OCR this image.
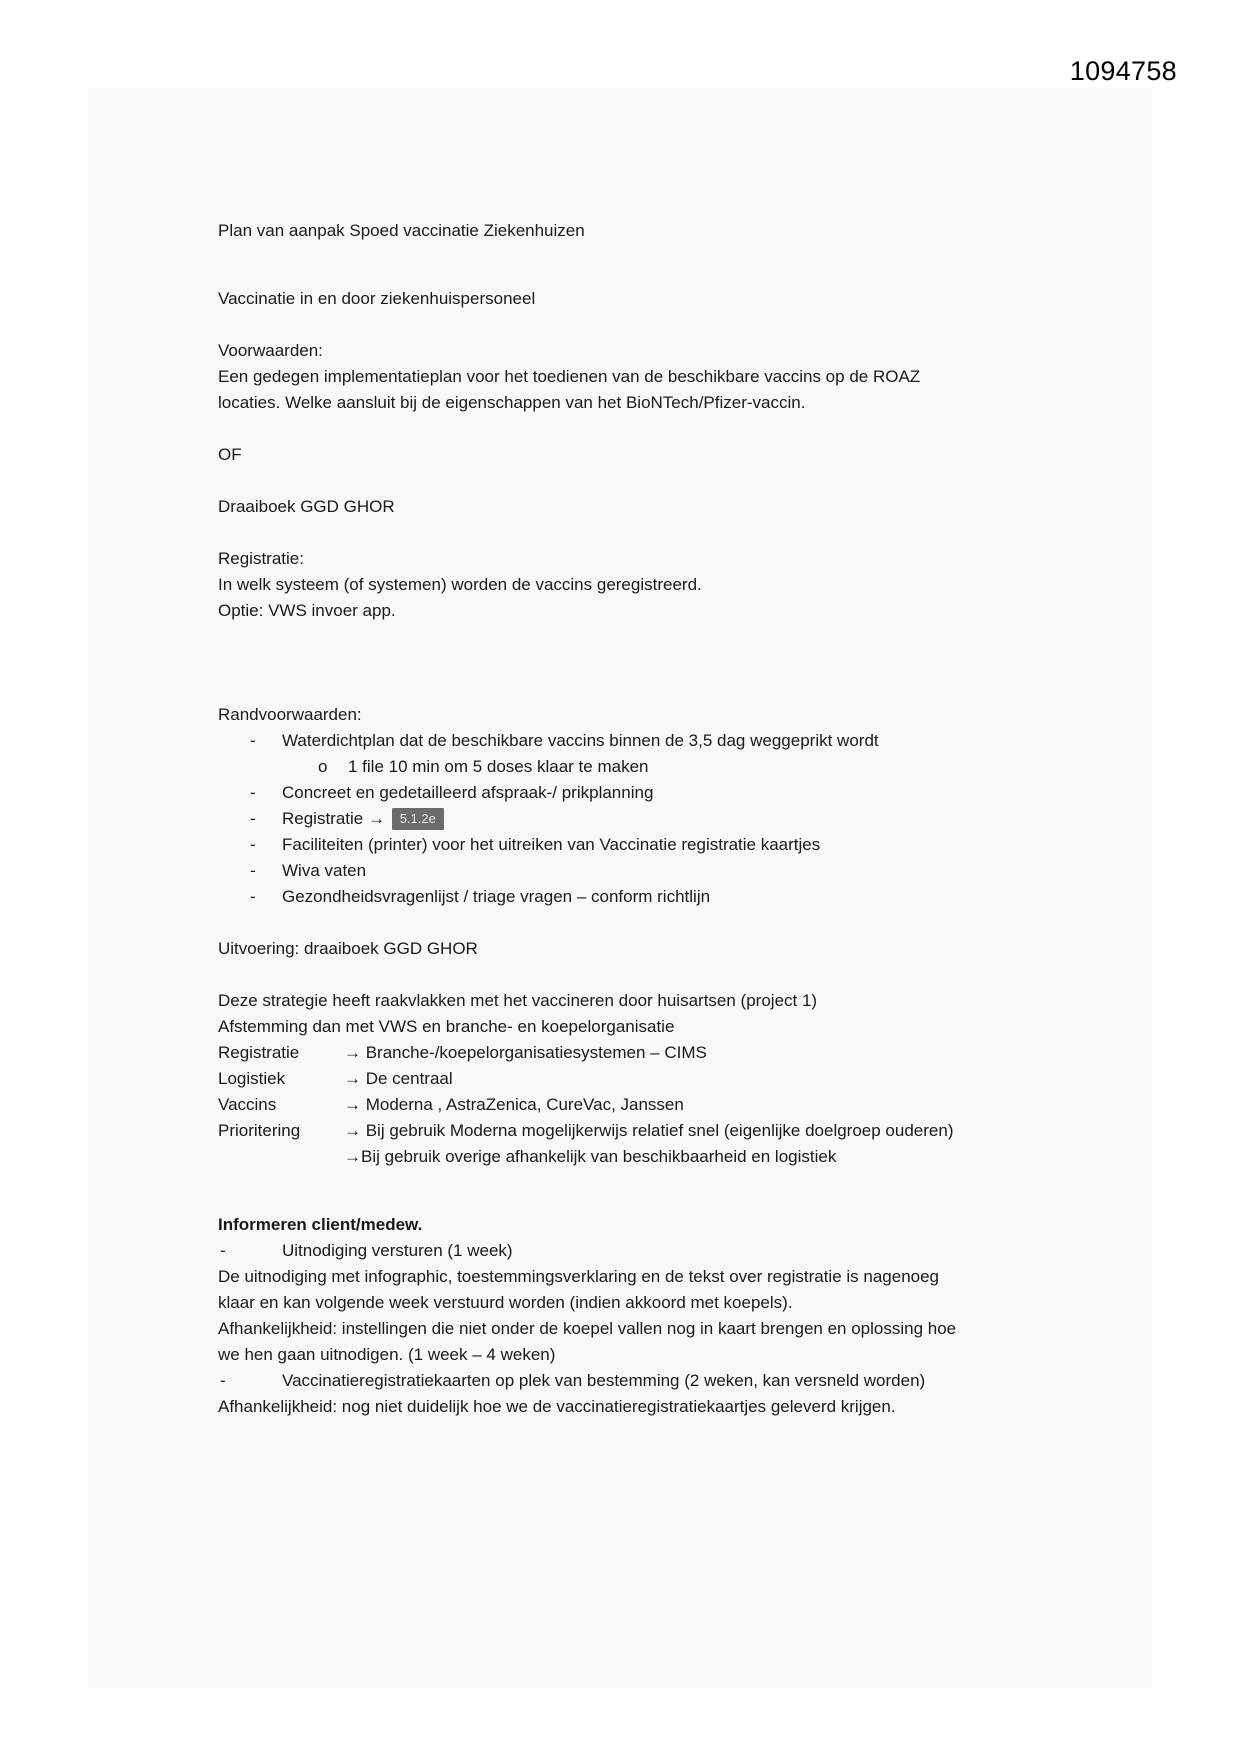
1094758

Plan van aanpak Spoed vaccinatie Ziekenhuizen

Vaccinatie in en door ziekenhuispersoneel

Voorwaarden:

Een gedegen implementatieplan voor het toedienen van de beschikbare vaccins op de ROAZ

locaties. Welke aansluit bij de eigenschappen van het BioNTech/Pfizer-vaccin.

OF

Draaiboek GGD GHOR

Registratie:

In welk systeem (of systemen) worden de vaccins geregistreerd.

Optie: VWS invoer app.

Randvoorwaarden:

- Waterdichtplan dat de beschikbare vaccins binnen de 3,5 dag weggeprikt wordt

o 1 file 10 min om 5 doses klaar te maken

- Concreet en gedetailleerd afspraak-/ prikplanning

- Registratie → 5.1.2e

- Faciliteiten (printer) voor het uitreiken van Vaccinatie registratie kaartjes

- Wiva vaten

- Gezondheidsvragenlijst / triage vragen – conform richtlijn

Uitvoering: draaiboek GGD GHOR

Deze strategie heeft raakvlakken met het vaccineren door huisartsen (project 1)

Afstemming dan met VWS en branche- en koepelorganisatie

Registratie	→ Branche-/koepelorganisatiesystemen – CIMS
Logistiek	→ De centraal
Vaccins	→ Moderna , AstraZenica, CureVac, Janssen
Prioritering	→ Bij gebruik Moderna mogelijkerwijs relatief snel (eigenlijke doelgroep ouderen)

→Bij gebruik overige afhankelijk van beschikbaarheid en logistiek

Informeren client/medew.

-	Uitnodiging versturen (1 week)

De uitnodiging met infographic, toestemmingsverklaring en de tekst over registratie is nagenoeg

klaar en kan volgende week verstuurd worden (indien akkoord met koepels).

Afhankelijkheid: instellingen die niet onder de koepel vallen nog in kaart brengen en oplossing hoe

we hen gaan uitnodigen. (1 week – 4 weken)

-	Vaccinatieregistratiekaarten op plek van bestemming (2 weken, kan versneld worden)

Afhankelijkheid: nog niet duidelijk hoe we de vaccinatieregistratiekaartjes geleverd krijgen.
